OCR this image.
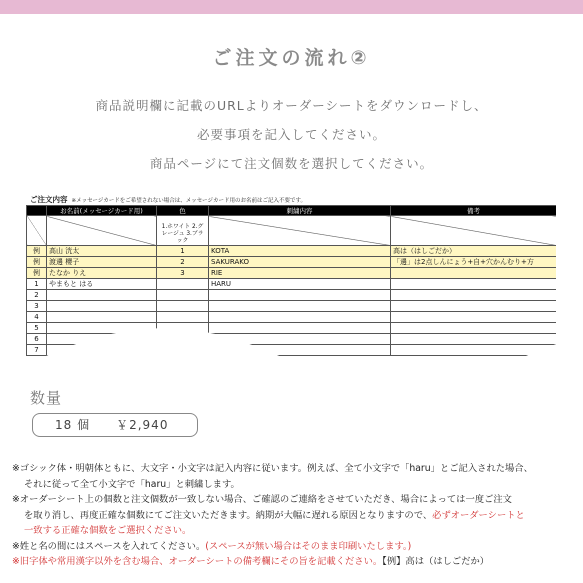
ご注文の流れ②
商品説明欄に記載のURLよりオーダーシートをダウンロードし、
必要事項を記入してください。
商品ページにて注文個数を選択してください。
ご注文内容 ※メッセージカードをご希望されない場合は、メッセージカード用のお名前はご記入不要です。
	お名前(メッセージカード用)	色	刺繍内容	備考
		1.ホワイト 2.グレージュ 3.ブラック		
例	高山 洸太	1	KOTA	高は（はしごだか）
例	渡邊 櫻子	2	SAKURAKO	「邊」は2点しんにょう+自+穴かんむり+方
例	たなか りえ	3	RIE	
1	やまもと はる		HARU	
2				
3				
4				
5				
6				
7				
数量
18 個 ￥2,940
※ゴシック体・明朝体ともに、大文字・小文字は記入内容に従います。例えば、全て小文字で「haru」とご記入された場合、
それに従って全て小文字で「haru」と刺繍します。
※オーダーシート上の個数と注文個数が一致しない場合、ご確認のご連絡をさせていただき、場合によっては一度ご注文
を取り消し、再度正確な個数にてご注文いただきます。納期が大幅に遅れる原因となりますので、必ずオーダーシートと
一致する正確な個数をご選択ください。
※姓と名の間にはスペースを入れてください。(スペースが無い場合はそのまま印刷いたします。)
※旧字体や常用漢字以外を含む場合、オーダーシートの備考欄にその旨を記載ください。【例】高は（はしごだか）
